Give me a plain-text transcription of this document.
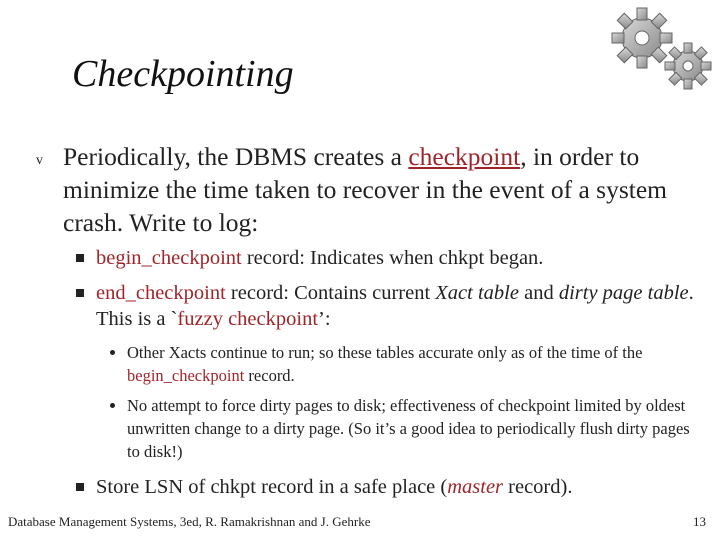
Checkpointing
v Periodically, the DBMS creates a checkpoint, in order to minimize the time taken to recover in the event of a system crash. Write to log:
begin_checkpoint record: Indicates when chkpt began.
end_checkpoint record: Contains current Xact table and dirty page table. This is a `fuzzy checkpoint’:
Other Xacts continue to run; so these tables accurate only as of the time of the begin_checkpoint record.
No attempt to force dirty pages to disk; effectiveness of checkpoint limited by oldest unwritten change to a dirty page. (So it’s a good idea to periodically flush dirty pages to disk!)
Store LSN of chkpt record in a safe place (master record).
Database Management Systems, 3ed, R. Ramakrishnan and J. Gehrke	13
